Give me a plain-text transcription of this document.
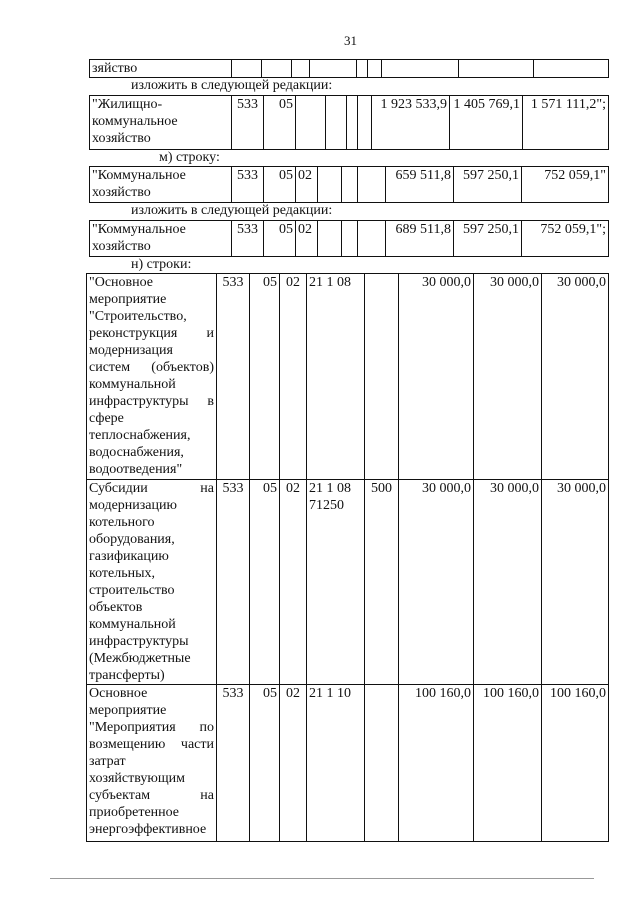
31
зяйство									
изложить в следующей редакции:
"Жилищно-коммунальное хозяйство	533	05					1 923 533,9	1 405 769,1	1 571 111,2";
м) строку:
"Коммунальное хозяйство	533	05	02				659 511,8	597 250,1	752 059,1"
изложить в следующей редакции:
"Коммунальное хозяйство	533	05	02				689 511,8	597 250,1	752 059,1";
н) строки:
"Основное мероприятие "Строительство, реконструкция и модернизация систем (объектов) коммунальной инфраструктуры в сфере теплоснабжения, водоснабжения, водоотведения"	533	05	02	21 1 08		30 000,0	30 000,0	30 000,0
Субсидии на модернизацию котельного оборудования, газификацию котельных, строительство объектов коммунальной инфраструктуры (Межбюджетные трансферты)	533	05	02	21 1 08 71250	500	30 000,0	30 000,0	30 000,0
Основное мероприятие "Мероприятия по возмещению части затрат хозяйствующим субъектам на приобретенное энергоэффективное	533	05	02	21 1 10		100 160,0	100 160,0	100 160,0
